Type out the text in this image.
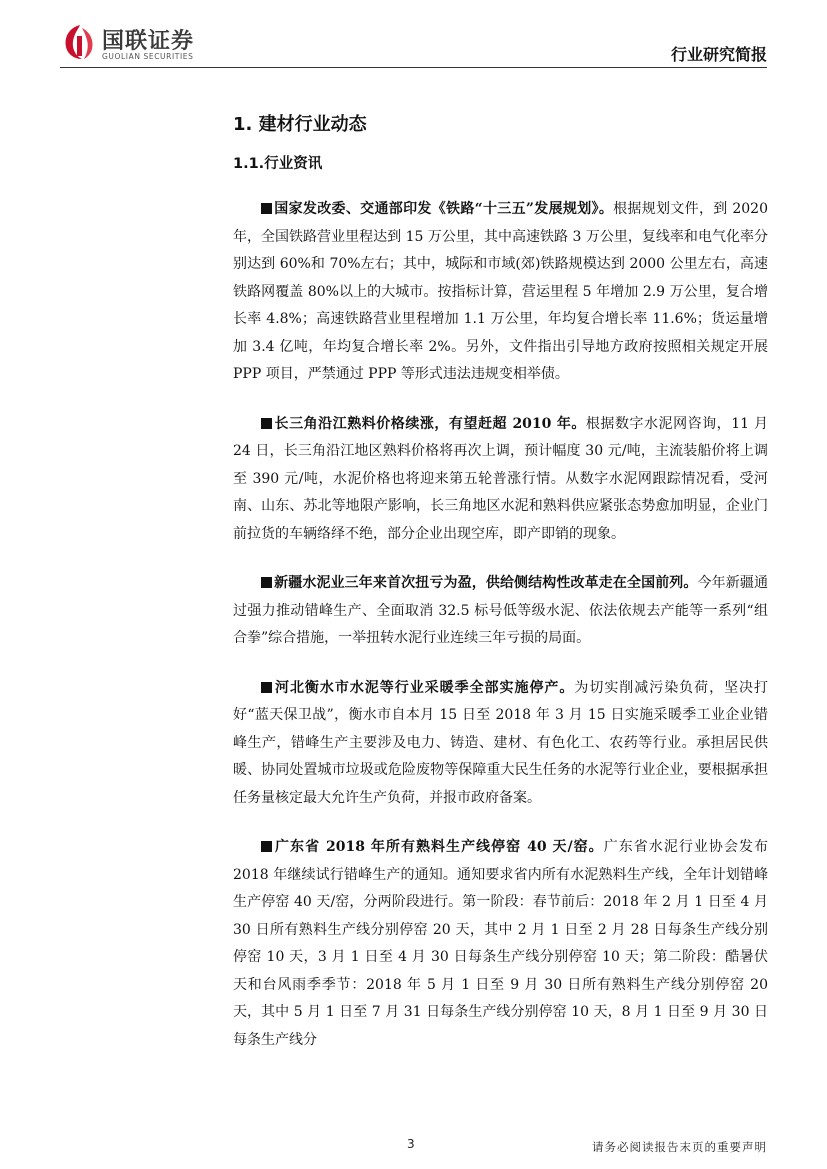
国联证券
GUOLIAN SECURITIES	行业研究简报
1. 建材行业动态
1.1.行业资讯

国家发改委、交通部印发《铁路“十三五”发展规划》。根据规划文件，到 2020 年，全国铁路营业里程达到 15 万公里，其中高速铁路 3 万公里，复线率和电气化率分别达到 60%和 70%左右；其中，城际和市域(郊)铁路规模达到 2000 公里左右，高速铁路网覆盖 80%以上的大城市。按指标计算，营运里程 5 年增加 2.9 万公里，复合增长率 4.8%；高速铁路营业里程增加 1.1 万公里，年均复合增长率 11.6%；货运量增加 3.4 亿吨，年均复合增长率 2%。另外，文件指出引导地方政府按照相关规定开展 PPP 项目，严禁通过 PPP 等形式违法违规变相举债。

长三角沿江熟料价格续涨，有望赶超 2010 年。根据数字水泥网咨询，11 月 24 日，长三角沿江地区熟料价格将再次上调，预计幅度 30 元/吨，主流装船价将上调至 390 元/吨，水泥价格也将迎来第五轮普涨行情。从数字水泥网跟踪情况看，受河南、山东、苏北等地限产影响，长三角地区水泥和熟料供应紧张态势愈加明显，企业门前拉货的车辆络绎不绝，部分企业出现空库，即产即销的现象。

新疆水泥业三年来首次扭亏为盈，供给侧结构性改革走在全国前列。今年新疆通过强力推动错峰生产、全面取消 32.5 标号低等级水泥、依法依规去产能等一系列“组合拳”综合措施，一举扭转水泥行业连续三年亏损的局面。

河北衡水市水泥等行业采暖季全部实施停产。为切实削减污染负荷，坚决打好“蓝天保卫战”，衡水市自本月 15 日至 2018 年 3 月 15 日实施采暖季工业企业错峰生产，错峰生产主要涉及电力、铸造、建材、有色化工、农药等行业。承担居民供暖、协同处置城市垃圾或危险废物等保障重大民生任务的水泥等行业企业，要根据承担任务量核定最大允许生产负荷，并报市政府备案。

广东省 2018 年所有熟料生产线停窑 40 天/窑。广东省水泥行业协会发布 2018 年继续试行错峰生产的通知。通知要求省内所有水泥熟料生产线，全年计划错峰生产停窑 40 天/窑，分两阶段进行。第一阶段：春节前后：2018 年 2 月 1 日至 4 月 30 日所有熟料生产线分别停窑 20 天，其中 2 月 1 日至 2 月 28 日每条生产线分别停窑 10 天，3 月 1 日至 4 月 30 日每条生产线分别停窑 10 天；第二阶段：酷暑伏天和台风雨季季节：2018 年 5 月 1 日至 9 月 30 日所有熟料生产线分别停窑 20 天，其中 5 月 1 日至 7 月 31 日每条生产线分别停窑 10 天，8 月 1 日至 9 月 30 日每条生产线分

3	请务必阅读报告末页的重要声明
